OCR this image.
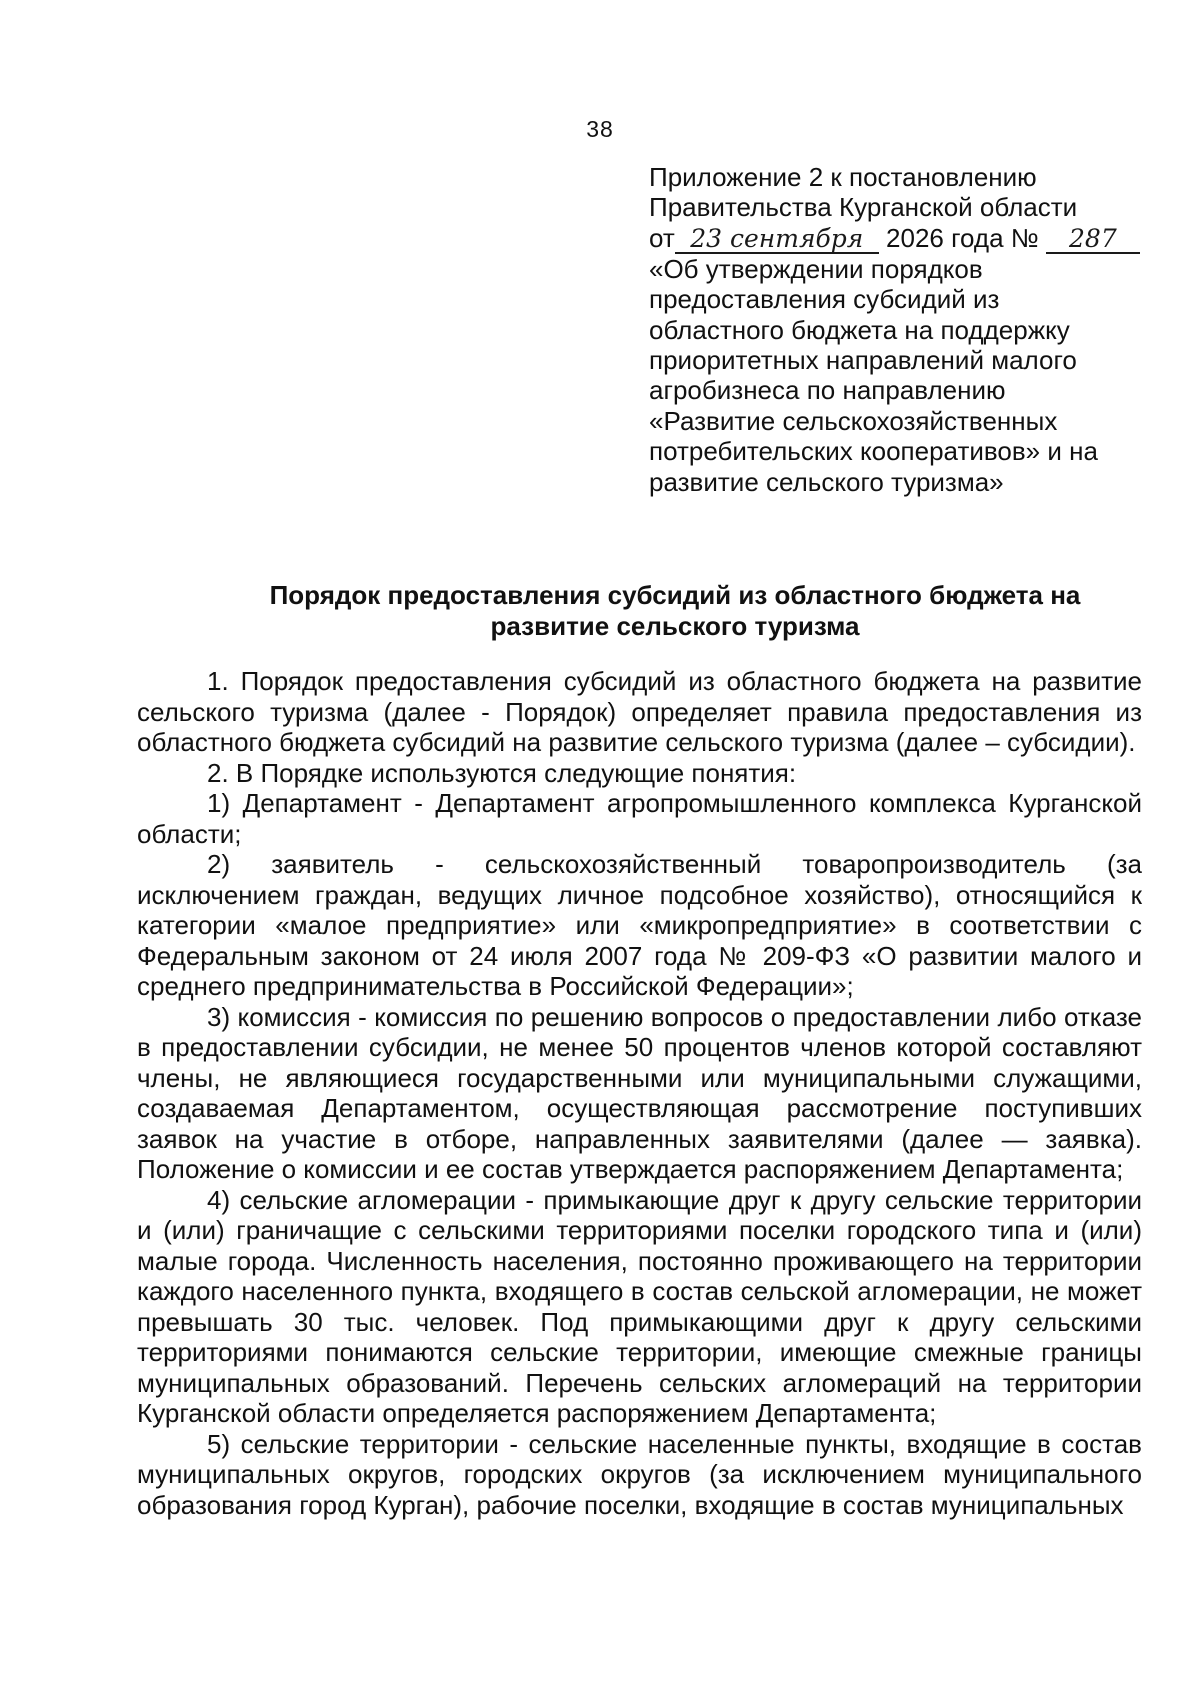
38
Приложение 2 к постановлению
Правительства Курганской области
от 23 сентября 2026 года № 287
«Об утверждении порядков
предоставления субсидий из
областного бюджета на поддержку
приоритетных направлений малого
агробизнеса по направлению
«Развитие сельскохозяйственных
потребительских кооперативов» и на
развитие сельского туризма»
Порядок предоставления субсидий из областного бюджета на
развитие сельского туризма

1. Порядок предоставления субсидий из областного бюджета на развитие сельского туризма (далее - Порядок) определяет правила предоставления из областного бюджета субсидий на развитие сельского туризма (далее – субсидии).

2. В Порядке используются следующие понятия:

1) Департамент - Департамент агропромышленного комплекса Курганской области;

2) заявитель - сельскохозяйственный товаропроизводитель (за исключением граждан, ведущих личное подсобное хозяйство), относящийся к категории «малое предприятие» или «микропредприятие» в соответствии с Федеральным законом от 24 июля 2007 года № 209-ФЗ «О развитии малого и среднего предпринимательства в Российской Федерации»;

3) комиссия - комиссия по решению вопросов о предоставлении либо отказе в предоставлении субсидии, не менее 50 процентов членов которой составляют члены, не являющиеся государственными или муниципальными служащими, создаваемая Департаментом, осуществляющая рассмотрение поступивших заявок на участие в отборе, направленных заявителями (далее — заявка). Положение о комиссии и ее состав утверждается распоряжением Департамента;

4) сельские агломерации - примыкающие друг к другу сельские территории и (или) граничащие с сельскими территориями поселки городского типа и (или) малые города. Численность населения, постоянно проживающего на территории каждого населенного пункта, входящего в состав сельской агломерации, не может превышать 30 тыс. человек. Под примыкающими друг к другу сельскими территориями понимаются сельские территории, имеющие смежные границы муниципальных образований. Перечень сельских агломераций на территории Курганской области определяется распоряжением Департамента;

5) сельские территории - сельские населенные пункты, входящие в состав муниципальных округов, городских округов (за исключением муниципального образования город Курган), рабочие поселки, входящие в состав муниципальных
